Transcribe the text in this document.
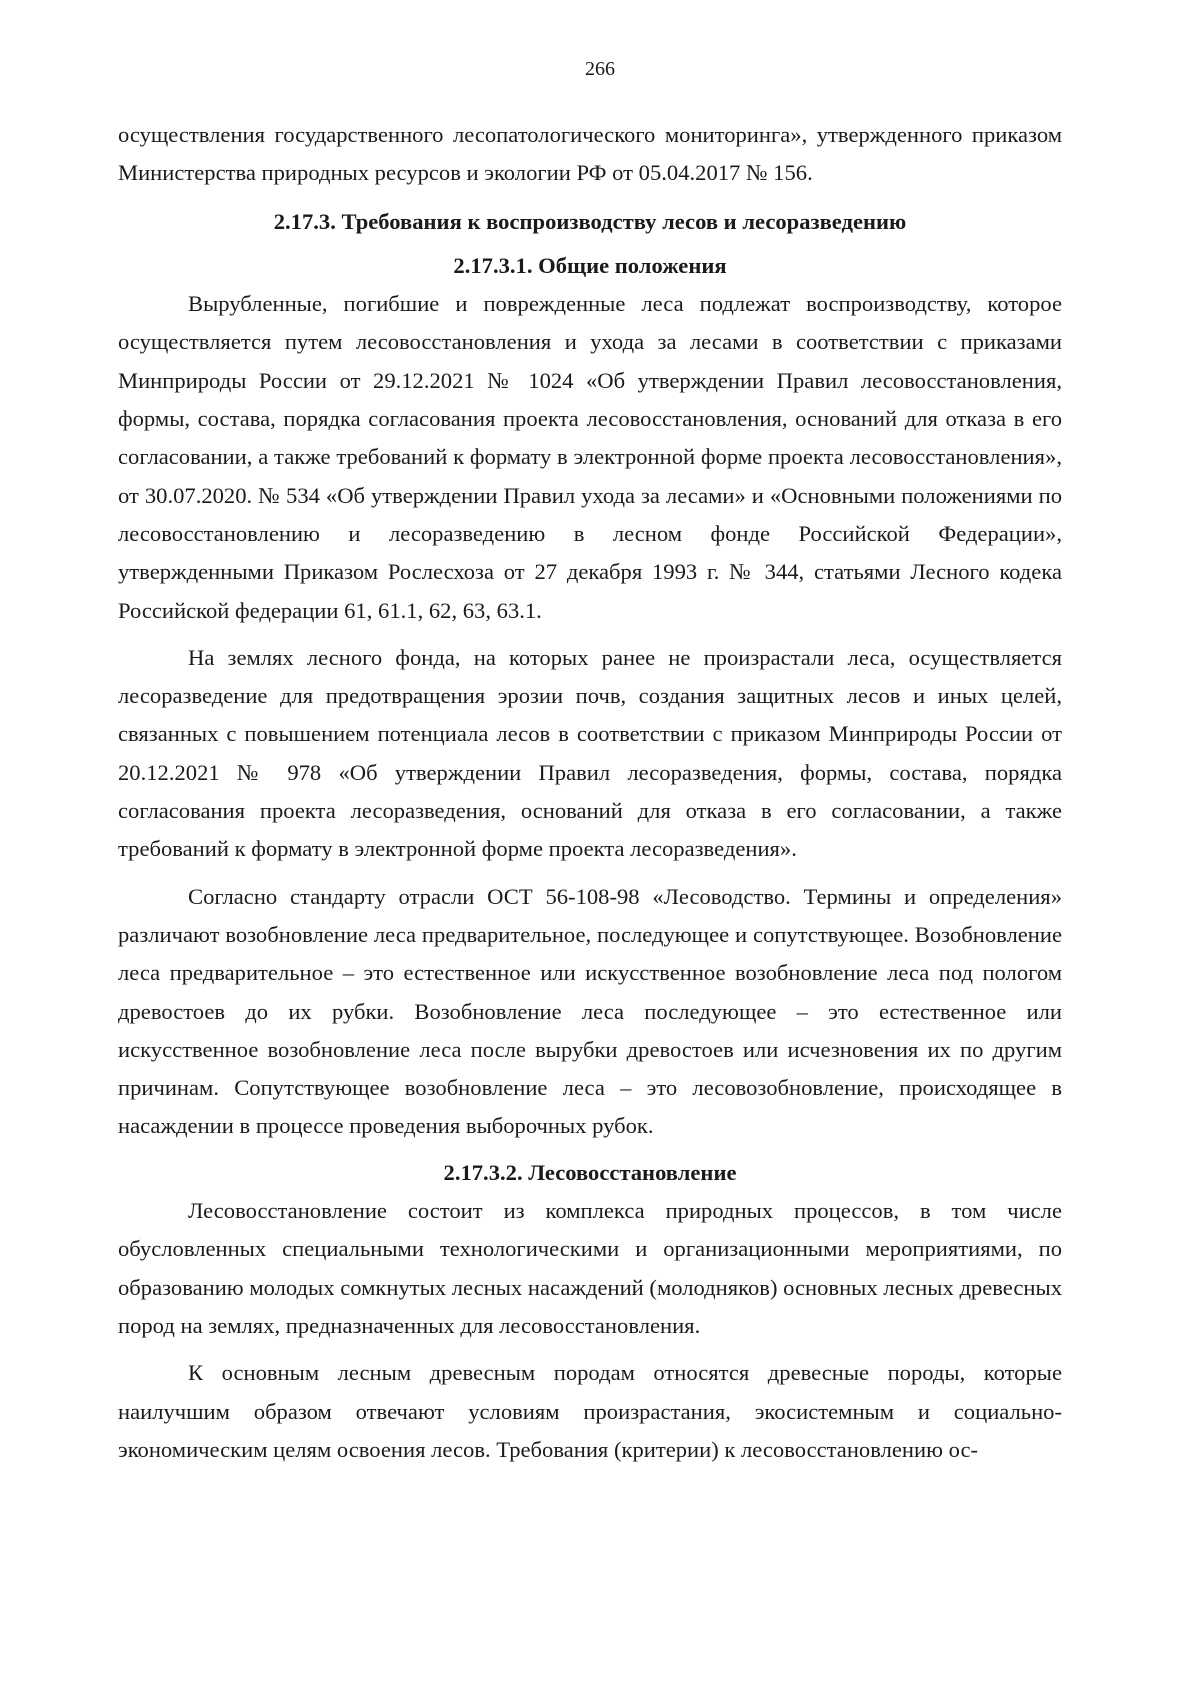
266

осуществления государственного лесопатологического мониторинга», утвержденного приказом Министерства природных ресурсов и экологии РФ от 05.04.2017 № 156.

2.17.3. Требования к воспроизводству лесов и лесоразведению
2.17.3.1. Общие положения

Вырубленные, погибшие и поврежденные леса подлежат воспроизводству, которое осуществляется путем лесовосстановления и ухода за лесами в соответствии с приказами Минприроды России от 29.12.2021 № 1024 «Об утверждении Правил лесовосстановления, формы, состава, порядка согласования проекта лесовосстановления, оснований для отказа в его согласовании, а также требований к формату в электронной форме проекта лесовосстановления», от 30.07.2020. № 534 «Об утверждении Правил ухода за лесами» и «Основными положениями по лесовосстановлению и лесоразведению в лесном фонде Российской Федерации», утвержденными Приказом Рослесхоза от 27 декабря 1993 г. № 344, статьями Лесного кодека Российской федерации 61, 61.1, 62, 63, 63.1.

На землях лесного фонда, на которых ранее не произрастали леса, осуществляется лесоразведение для предотвращения эрозии почв, создания защитных лесов и иных целей, связанных с повышением потенциала лесов в соответствии с приказом Минприроды России от 20.12.2021 № 978 «Об утверждении Правил лесоразведения, формы, состава, порядка согласования проекта лесоразведения, оснований для отказа в его согласовании, а также требований к формату в электронной форме проекта лесоразведения».

Согласно стандарту отрасли ОСТ 56-108-98 «Лесоводство. Термины и определения» различают возобновление леса предварительное, последующее и сопутствующее. Возобновление леса предварительное – это естественное или искусственное возобновление леса под пологом древостоев до их рубки. Возобновление леса последующее – это естественное или искусственное возобновление леса после вырубки древостоев или исчезновения их по другим причинам. Сопутствующее возобновление леса – это лесовозобновление, происходящее в насаждении в процессе проведения выборочных рубок.

2.17.3.2. Лесовосстановление

Лесовосстановление состоит из комплекса природных процессов, в том числе обусловленных специальными технологическими и организационными мероприятиями, по образованию молодых сомкнутых лесных насаждений (молодняков) основных лесных древесных пород на землях, предназначенных для лесовосстановления.

К основным лесным древесным породам относятся древесные породы, которые наилучшим образом отвечают условиям произрастания, экосистемным и социально-экономическим целям освоения лесов. Требования (критерии) к лесовосстановлению ос-
